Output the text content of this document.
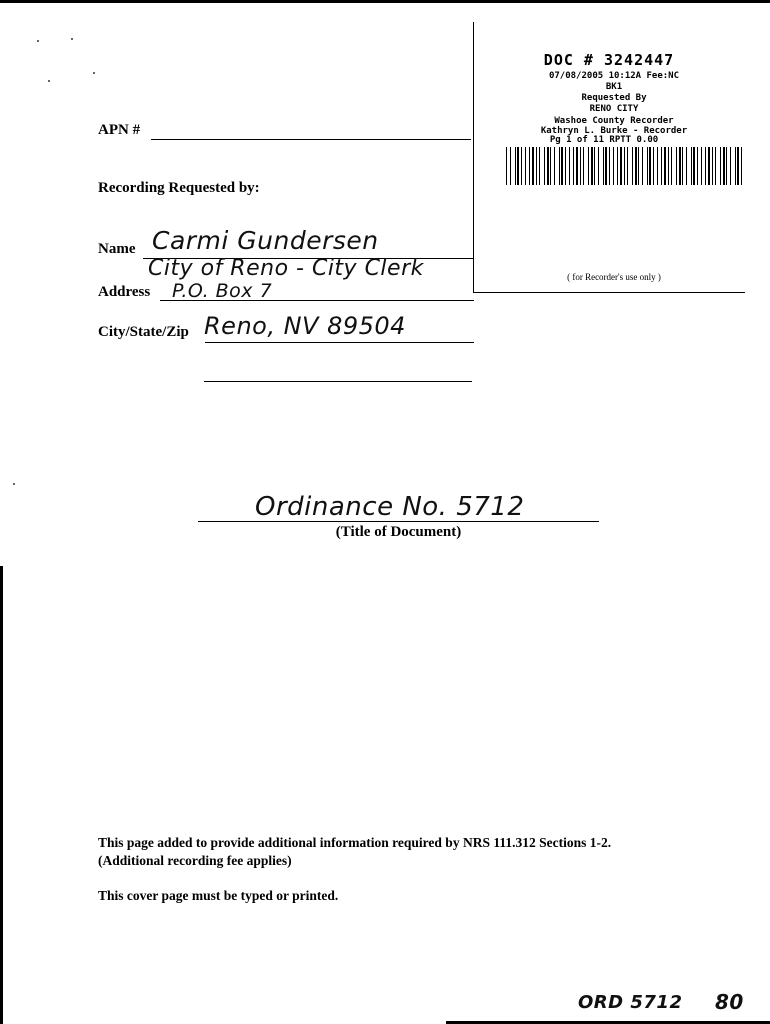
DOC # 3242447
07/08/2005 10:12A Fee:NC
BK1
Requested By
RENO CITY
Washoe County Recorder
Kathryn L. Burke - Recorder
Pg 1 of 11 RPTT 0.00
( for Recorder's use only )
APN #
Recording Requested by:
Name Carmi Gundersen
City of Reno - City Clerk
Address P.O. Box 7
City/State/Zip Reno, NV 89504
Ordinance No. 5712
(Title of Document)
This page added to provide additional information required by NRS 111.312 Sections 1-2.
(Additional recording fee applies)
This cover page must be typed or printed.
ORD 5712 80
